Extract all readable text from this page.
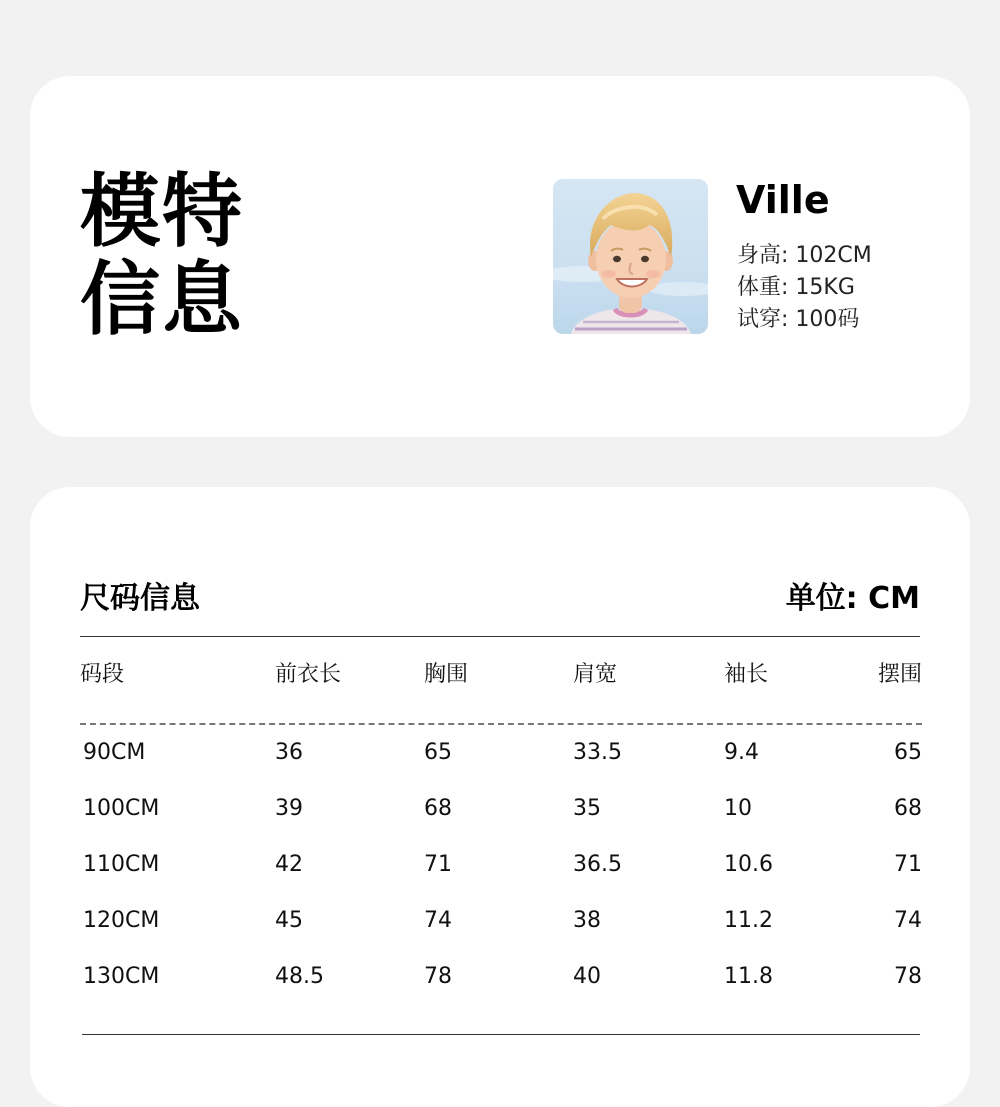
模特
信息
Ville
身高: 102CM
体重: 15KG
试穿: 100码
尺码信息	单位: CM
码段	前衣长	胸围	肩宽	袖长	摆围
90CM	36	65	33.5	9.4	65
100CM	39	68	35	10	68
110CM	42	71	36.5	10.6	71
120CM	45	74	38	11.2	74
130CM	48.5	78	40	11.8	78
